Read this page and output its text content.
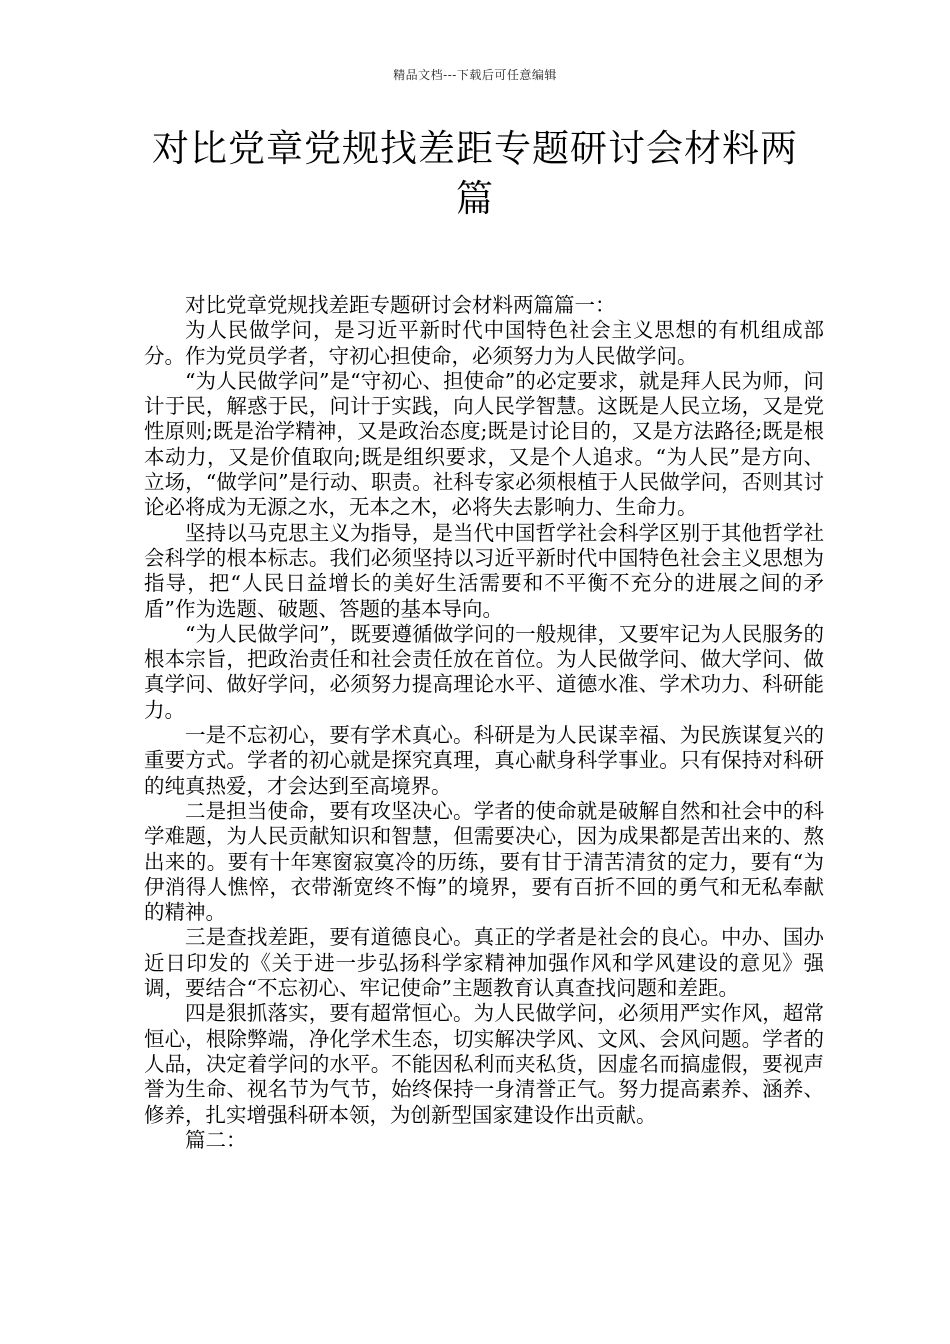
精品文档---下载后可任意编辑
对比党章党规找差距专题研讨会材料两篇

对比党章党规找差距专题研讨会材料两篇篇一：

为人民做学问，是习近平新时代中国特色社会主义思想的有机组成部分。作为党员学者，守初心担使命，必须努力为人民做学问。

“为人民做学问”是“守初心、担使命”的必定要求，就是拜人民为师，问计于民，解惑于民，问计于实践，向人民学智慧。这既是人民立场，又是党性原则;既是治学精神，又是政治态度;既是讨论目的，又是方法路径;既是根本动力，又是价值取向;既是组织要求，又是个人追求。“为人民”是方向、立场，“做学问”是行动、职责。社科专家必须根植于人民做学问，否则其讨论必将成为无源之水，无本之木，必将失去影响力、生命力。

坚持以马克思主义为指导，是当代中国哲学社会科学区别于其他哲学社会科学的根本标志。我们必须坚持以习近平新时代中国特色社会主义思想为指导，把“人民日益增长的美好生活需要和不平衡不充分的进展之间的矛盾”作为选题、破题、答题的基本导向。

“为人民做学问”，既要遵循做学问的一般规律，又要牢记为人民服务的根本宗旨，把政治责任和社会责任放在首位。为人民做学问、做大学问、做真学问、做好学问，必须努力提高理论水平、道德水准、学术功力、科研能力。

一是不忘初心，要有学术真心。科研是为人民谋幸福、为民族谋复兴的重要方式。学者的初心就是探究真理，真心献身科学事业。只有保持对科研的纯真热爱，才会达到至高境界。

二是担当使命，要有攻坚决心。学者的使命就是破解自然和社会中的科学难题，为人民贡献知识和智慧，但需要决心，因为成果都是苦出来的、熬出来的。要有十年寒窗寂寞冷的历练，要有甘于清苦清贫的定力，要有“为伊消得人憔悴，衣带渐宽终不悔”的境界，要有百折不回的勇气和无私奉献的精神。

三是查找差距，要有道德良心。真正的学者是社会的良心。中办、国办近日印发的《关于进一步弘扬科学家精神加强作风和学风建设的意见》强调，要结合“不忘初心、牢记使命”主题教育认真查找问题和差距。

四是狠抓落实，要有超常恒心。为人民做学问，必须用严实作风，超常恒心，根除弊端，净化学术生态，切实解决学风、文风、会风问题。学者的人品，决定着学问的水平。不能因私利而夹私货，因虚名而搞虚假，要视声誉为生命、视名节为气节，始终保持一身清誉正气。努力提高素养、涵养、修养，扎实增强科研本领，为创新型国家建设作出贡献。

篇二：
